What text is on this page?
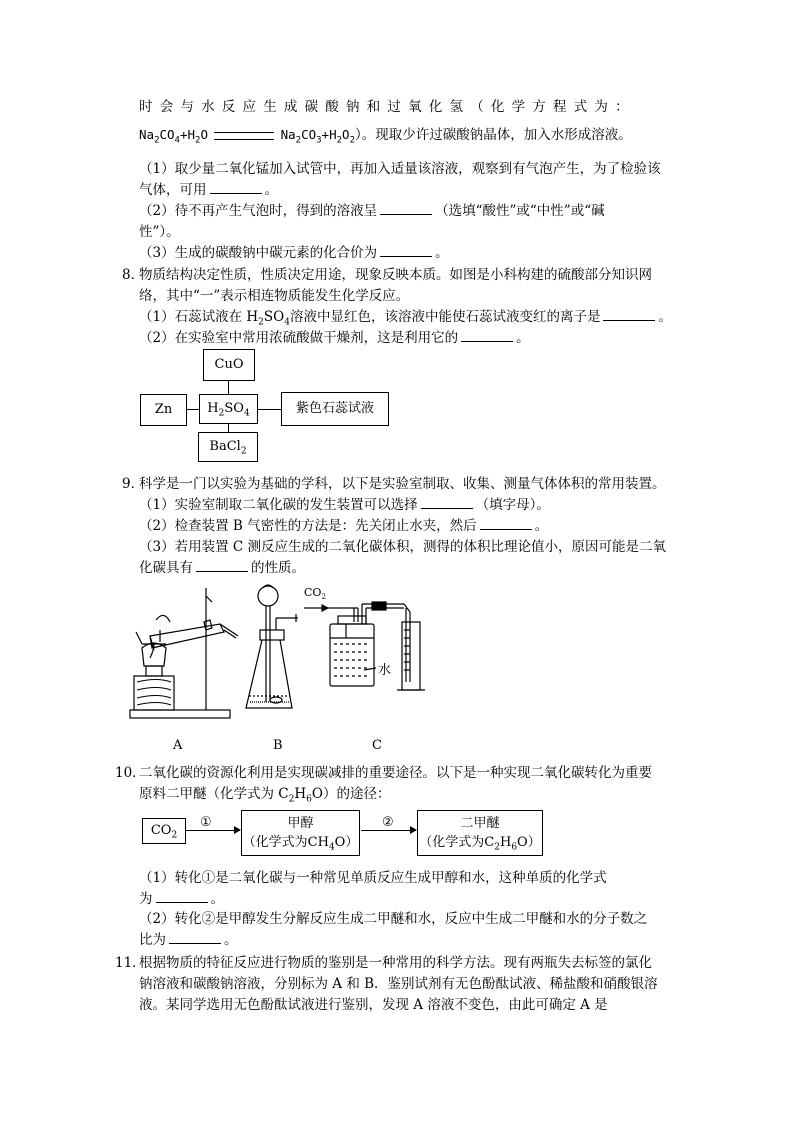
时会与水反应生成碳酸钠和过氧化氢（化学方程式为：
$Na_2CO_4+H_2O$	$Na_2CO_3+H_2O_2$）。现取少许过碳酸钠晶体，加入水形成溶液。
（1）取少量二氧化锰加入试管中，再加入适量该溶液，观察到有气泡产生，为了检验该
气体，可用	。
（2）待不再产生气泡时，得到的溶液呈	（选填“酸性”或“中性”或“碱
性”）。
（3）生成的碳酸钠中碳元素的化合价为	。
8．
物质结构决定性质，性质决定用途，现象反映本质。如图是小科构建的硫酸部分知识网
络，其中“一”表示相连物质能发生化学反应。
（1）石蕊试液在 $H_2SO_4$溶液中显红色，该溶液中能使石蕊试液变红的离子是	。
（2）在实验室中常用浓硫酸做干燥剂，这是利用它的	。
CuO
Zn	$H_2SO_4$	紫色石蕊试液
BaCl$_2$
9．
科学是一门以实验为基础的学科，以下是实验室制取、收集、测量气体体积的常用装置。
（1）实验室制取二氧化碳的发生装置可以选择	（填字母）。
（2）检查装置 B 气密性的方法是：先关闭止水夹，然后	。
（3）若用装置 C 测反应生成的二氧化碳体积，测得的体积比理论值小，原因可能是二氧
化碳具有	的性质。
$CO_2$
水
A	B	C
10．
二氧化碳的资源化利用是实现碳减排的重要途径。以下是一种实现二氧化碳转化为重要
原料二甲醚（化学式为 $C_2H_6O$）的途径：
$CO_2$
①	甲醇
（化学式为$CH_4O$）
②	二甲醚
（化学式为$C_2H_6O$）
（1）转化①是二氧化碳与一种常见单质反应生成甲醇和水，这种单质的化学式
为	。
（2）转化②是甲醇发生分解反应生成二甲醚和水，反应中生成二甲醚和水的分子数之
比为	。
11．
根据物质的特征反应进行物质的鉴别是一种常用的科学方法。现有两瓶失去标签的氯化
钠溶液和碳酸钠溶液，分别标为 A 和 B．鉴别试剂有无色酚酞试液、稀盐酸和硝酸银溶
液。某同学选用无色酚酞试液进行鉴别，发现 A 溶液不变色，由此可确定 A 是
